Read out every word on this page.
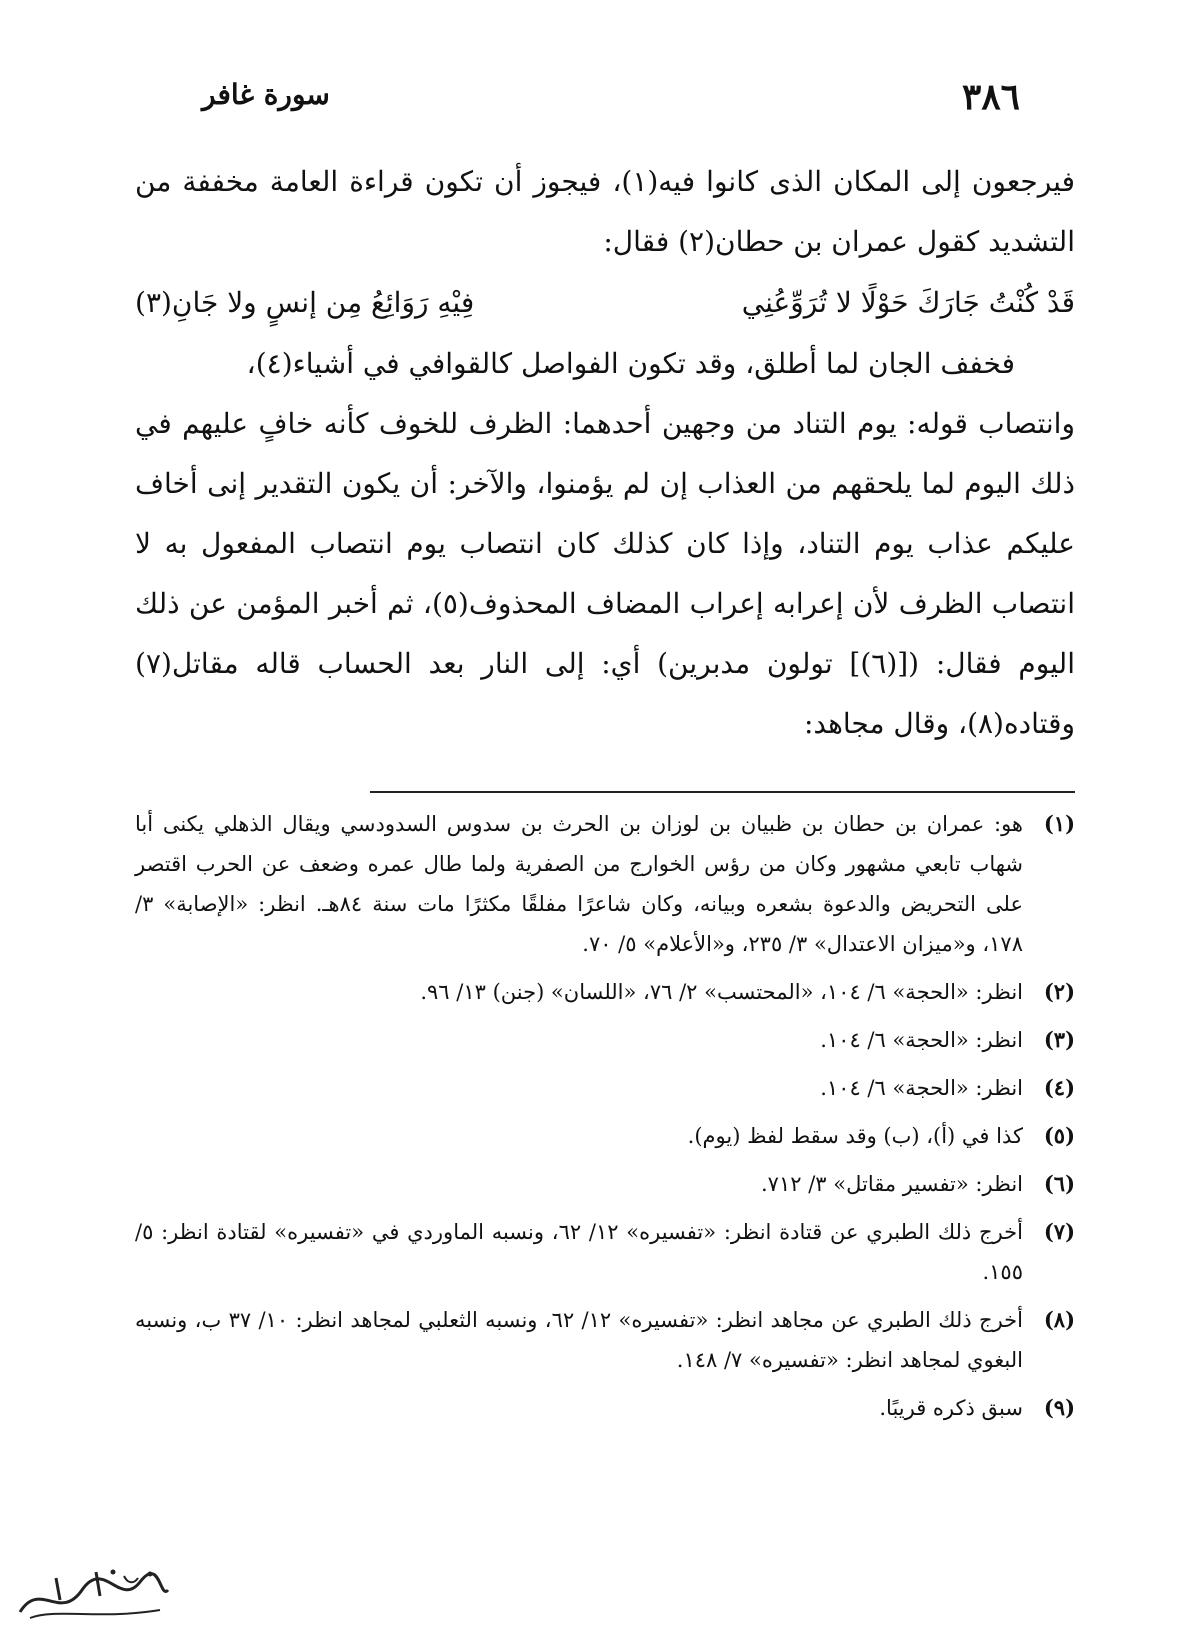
٣٨٦
سورة غافر

فيرجعون إلى المكان الذى كانوا فيه(١)، فيجوز أن تكون قراءة العامة مخففة من التشديد كقول عمران بن حطان(٢) فقال:

قَدْ كُنْتُ جَارَكَ حَوْلًا لا تُرَوِّعُنِي
فِيْهِ رَوَائِعُ مِن إنسٍ ولا جَانِ(٣)

فخفف الجان لما أطلق، وقد تكون الفواصل كالقوافي في أشياء(٤)،

وانتصاب قوله: يوم التناد من وجهين أحدهما: الظرف للخوف كأنه خافٍ عليهم في ذلك اليوم لما يلحقهم من العذاب إن لم يؤمنوا، والآخر: أن يكون التقدير إنى أخاف عليكم عذاب يوم التناد، وإذا كان كذلك كان انتصاب يوم انتصاب المفعول به لا انتصاب الظرف لأن إعرابه إعراب المضاف المحذوف(٥)، ثم أخبر المؤمن عن ذلك اليوم فقال: ([(٦)] تولون مدبرين) أي: إلى النار بعد الحساب قاله مقاتل(٧) وقتاده(٨)، وقال مجاهد:

(١)
هو: عمران بن حطان بن ظبيان بن لوزان بن الحرث بن سدوس السدودسي ويقال الذهلي يكنى أبا شهاب تابعي مشهور وكان من رؤس الخوارج من الصفرية ولما طال عمره وضعف عن الحرب اقتصر على التحريض والدعوة بشعره وبيانه، وكان شاعرًا مفلقًا مكثرًا مات سنة ٨٤هـ. انظر: «الإصابة» ٣/ ١٧٨، و«ميزان الاعتدال» ٣/ ٢٣٥، و«الأعلام» ٥/ ٧٠.
(٢)
انظر: «الحجة» ٦/ ١٠٤، «المحتسب» ٢/ ٧٦، «اللسان» (جنن) ١٣/ ٩٦.
(٣)
انظر: «الحجة» ٦/ ١٠٤.
(٤)
انظر: «الحجة» ٦/ ١٠٤.
(٥)
كذا في (أ)، (ب) وقد سقط لفظ (يوم).
(٦)
انظر: «تفسير مقاتل» ٣/ ٧١٢.
(٧)
أخرج ذلك الطبري عن قتادة انظر: «تفسيره» ١٢/ ٦٢، ونسبه الماوردي في «تفسيره» لقتادة انظر: ٥/ ١٥٥.
(٨)
أخرج ذلك الطبري عن مجاهد انظر: «تفسيره» ١٢/ ٦٢، ونسبه الثعلبي لمجاهد انظر: ١٠/ ٣٧ ب، ونسبه البغوي لمجاهد انظر: «تفسيره» ٧/ ١٤٨.
(٩)
سبق ذكره قريبًا.
